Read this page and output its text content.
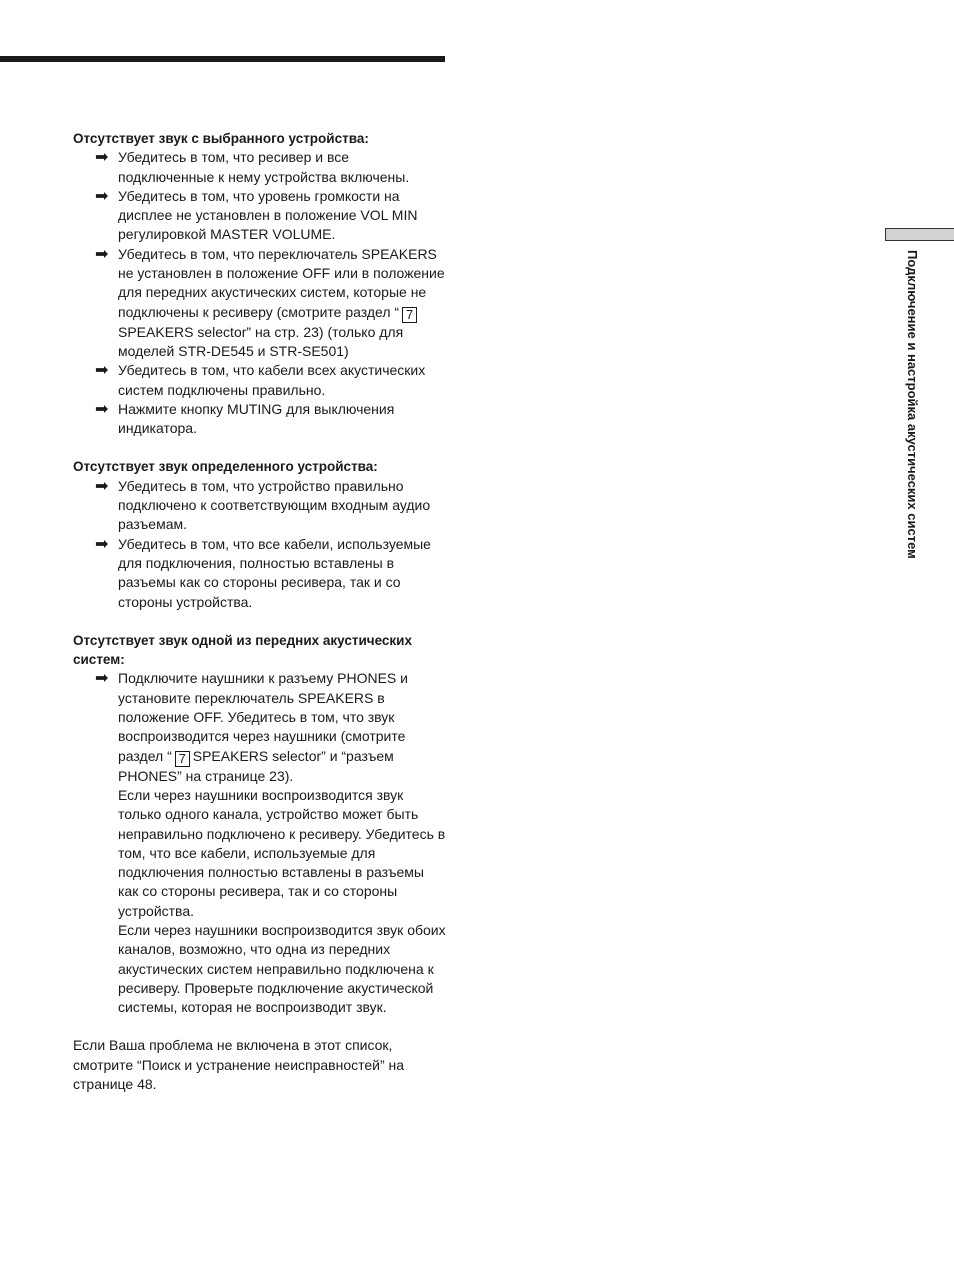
Подключение и настройка акустических систем
Отсутствует звук с выбранного устройства:
➡ Убедитесь в том, что ресивер и все подключенные к нему устройства включены.
➡ Убедитесь в том, что уровень громкости на дисплее не установлен в положение VOL MIN регулировкой MASTER VOLUME.
➡ Убедитесь в том, что переключатель SPEAKERS не установлен в положение OFF или в положение для передних акустических систем, которые не подключены к ресиверу (смотрите раздел “ 7SPEAKERS selector” на стр. 23) (только для моделей STR-DE545 и STR-SE501)
➡ Убедитесь в том, что кабели всех акустических систем подключены правильно.
➡ Нажмите кнопку MUTING для выключения индикатора.
Отсутствует звук определенного устройства:
➡ Убедитесь в том, что устройство правильно подключено к соответствующим входным аудио разъемам.
➡ Убедитесь в том, что все кабели, используемые для подключения, полностью вставлены в разъемы как со стороны ресивера, так и со стороны устройства.
Отсутствует звук одной из передних акустических систем:
➡ Подключите наушники к разъему PHONES и установите переключатель SPEAKERS в положение OFF. Убедитесь в том, что звук воспроизводится через наушники (смотрите раздел “ 7 SPEAKERS selector” и “разъем PHONES” на странице 23).
Если через наушники воспроизводится звук только одного канала, устройство может быть неправильно подключено к ресиверу. Убедитесь в том, что все кабели, используемые для подключения полностью вставлены в разъемы как со стороны ресивера, так и со стороны устройства.
Если через наушники воспроизводится звук обоих каналов, возможно, что одна из передних акустических систем неправильно подключена к ресиверу. Проверьте подключение акустической системы, которая не воспроизводит звук.
Если Ваша проблема не включена в этот список, смотрите “Поиск и устранение неисправностей” на странице 48.
